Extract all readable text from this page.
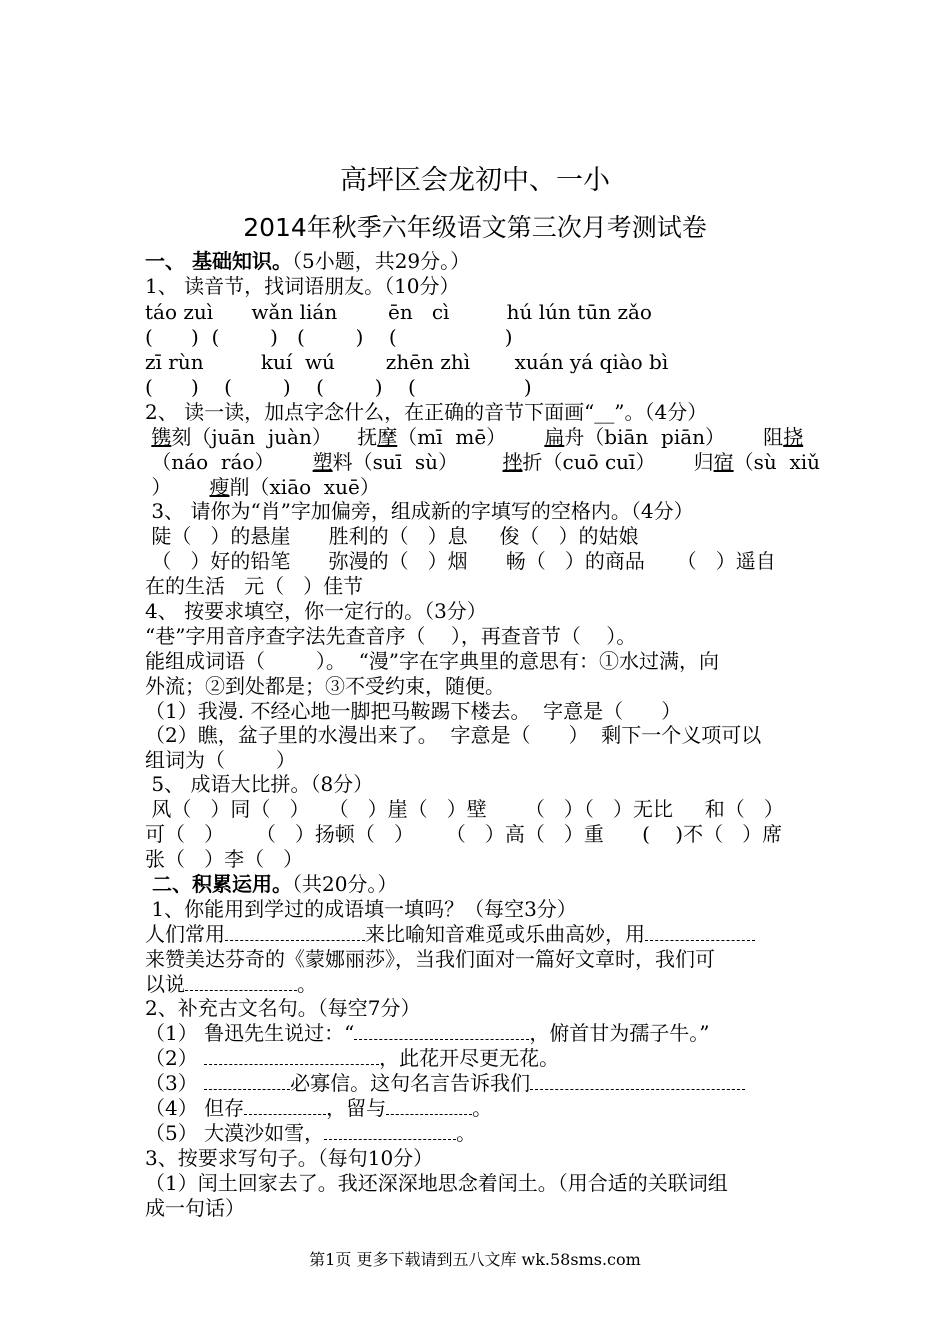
高坪区会龙初中、一小
2014年秋季六年级语文第三次月考测试卷
一、 基础知识。（5小题，共29分。）
1、 读音节，找词语朋友。（10分）
táo zuì      wǎn lián        ēn   cì         hú lún tūn zǎo
(      )  (        )   (        )    (                 )
zī rùn         kuí  wú        zhēn zhì       xuán yá qiào bì
(      )    (        )    (        )    (                 )
2、 读一读，加点字念什么，在正确的音节下面画“__”。（4分）
镌刻（juān  juàn）    抚摩（mī  mē）      扁舟（biān  piān）      阻挠
（náo  ráo）      塑料（suī  sù）       挫折（cuō cuī）      归宿（sù  xiǔ
）      瘦削（xiāo  xuē）
3、 请你为“肖”字加偏旁，组成新的字填写的空格内。（4分）
陡（   ）的悬崖      胜利的（   ）息     俊（   ）的姑娘
（   ）好的铅笔      弥漫的（   ）烟      畅（   ）的商品     （   ）遥自
在的生活   元（   ）佳节
4、 按要求填空，你一定行的。（3分）
“巷”字用音序查字法先查音序（    ），再查音节（    ）。
能组成词语（        ）。  “漫”字在字典里的意思有：①水过满，向
外流；②到处都是；③不受约束，随便。
（1）我漫. 不经心地一脚把马鞍踢下楼去。  字意是（      ）
（2）瞧，盆子里的水漫出来了。  字意是（      ）  剩下一个义项可以
组词为（        ）
5、 成语大比拼。（8分）
风（   ）同（   ）   （   ）崖（   ）壁      （   ）（   ）无比     和（   ）
可（   ）     （   ）扬顿（   ）     （   ）高（   ）重      (    )不（   ）席
张（   ）李（   ）
二、积累运用。（共20分。）
1、你能用到学过的成语填一填吗？（每空3分）
人们常用	来比喻知音难觅或乐曲高妙，用
来赞美达芬奇的《蒙娜丽莎》，当我们面对一篇好文章时，我们可
以说	。
2、补充古文名句。（每空7分）
（1） 鲁迅先生说过：“	，俯首甘为孺子牛。”
（2）	，此花开尽更无花。
（3）	必寡信。这句名言告诉我们
（4） 但存	，留与	。
（5） 大漠沙如雪，	。
3、按要求写句子。（每句10分）
（1）闰土回家去了。我还深深地思念着闰土。（用合适的关联词组
成一句话）
第1页 更多下载请到五八文库 wk.58sms.com
